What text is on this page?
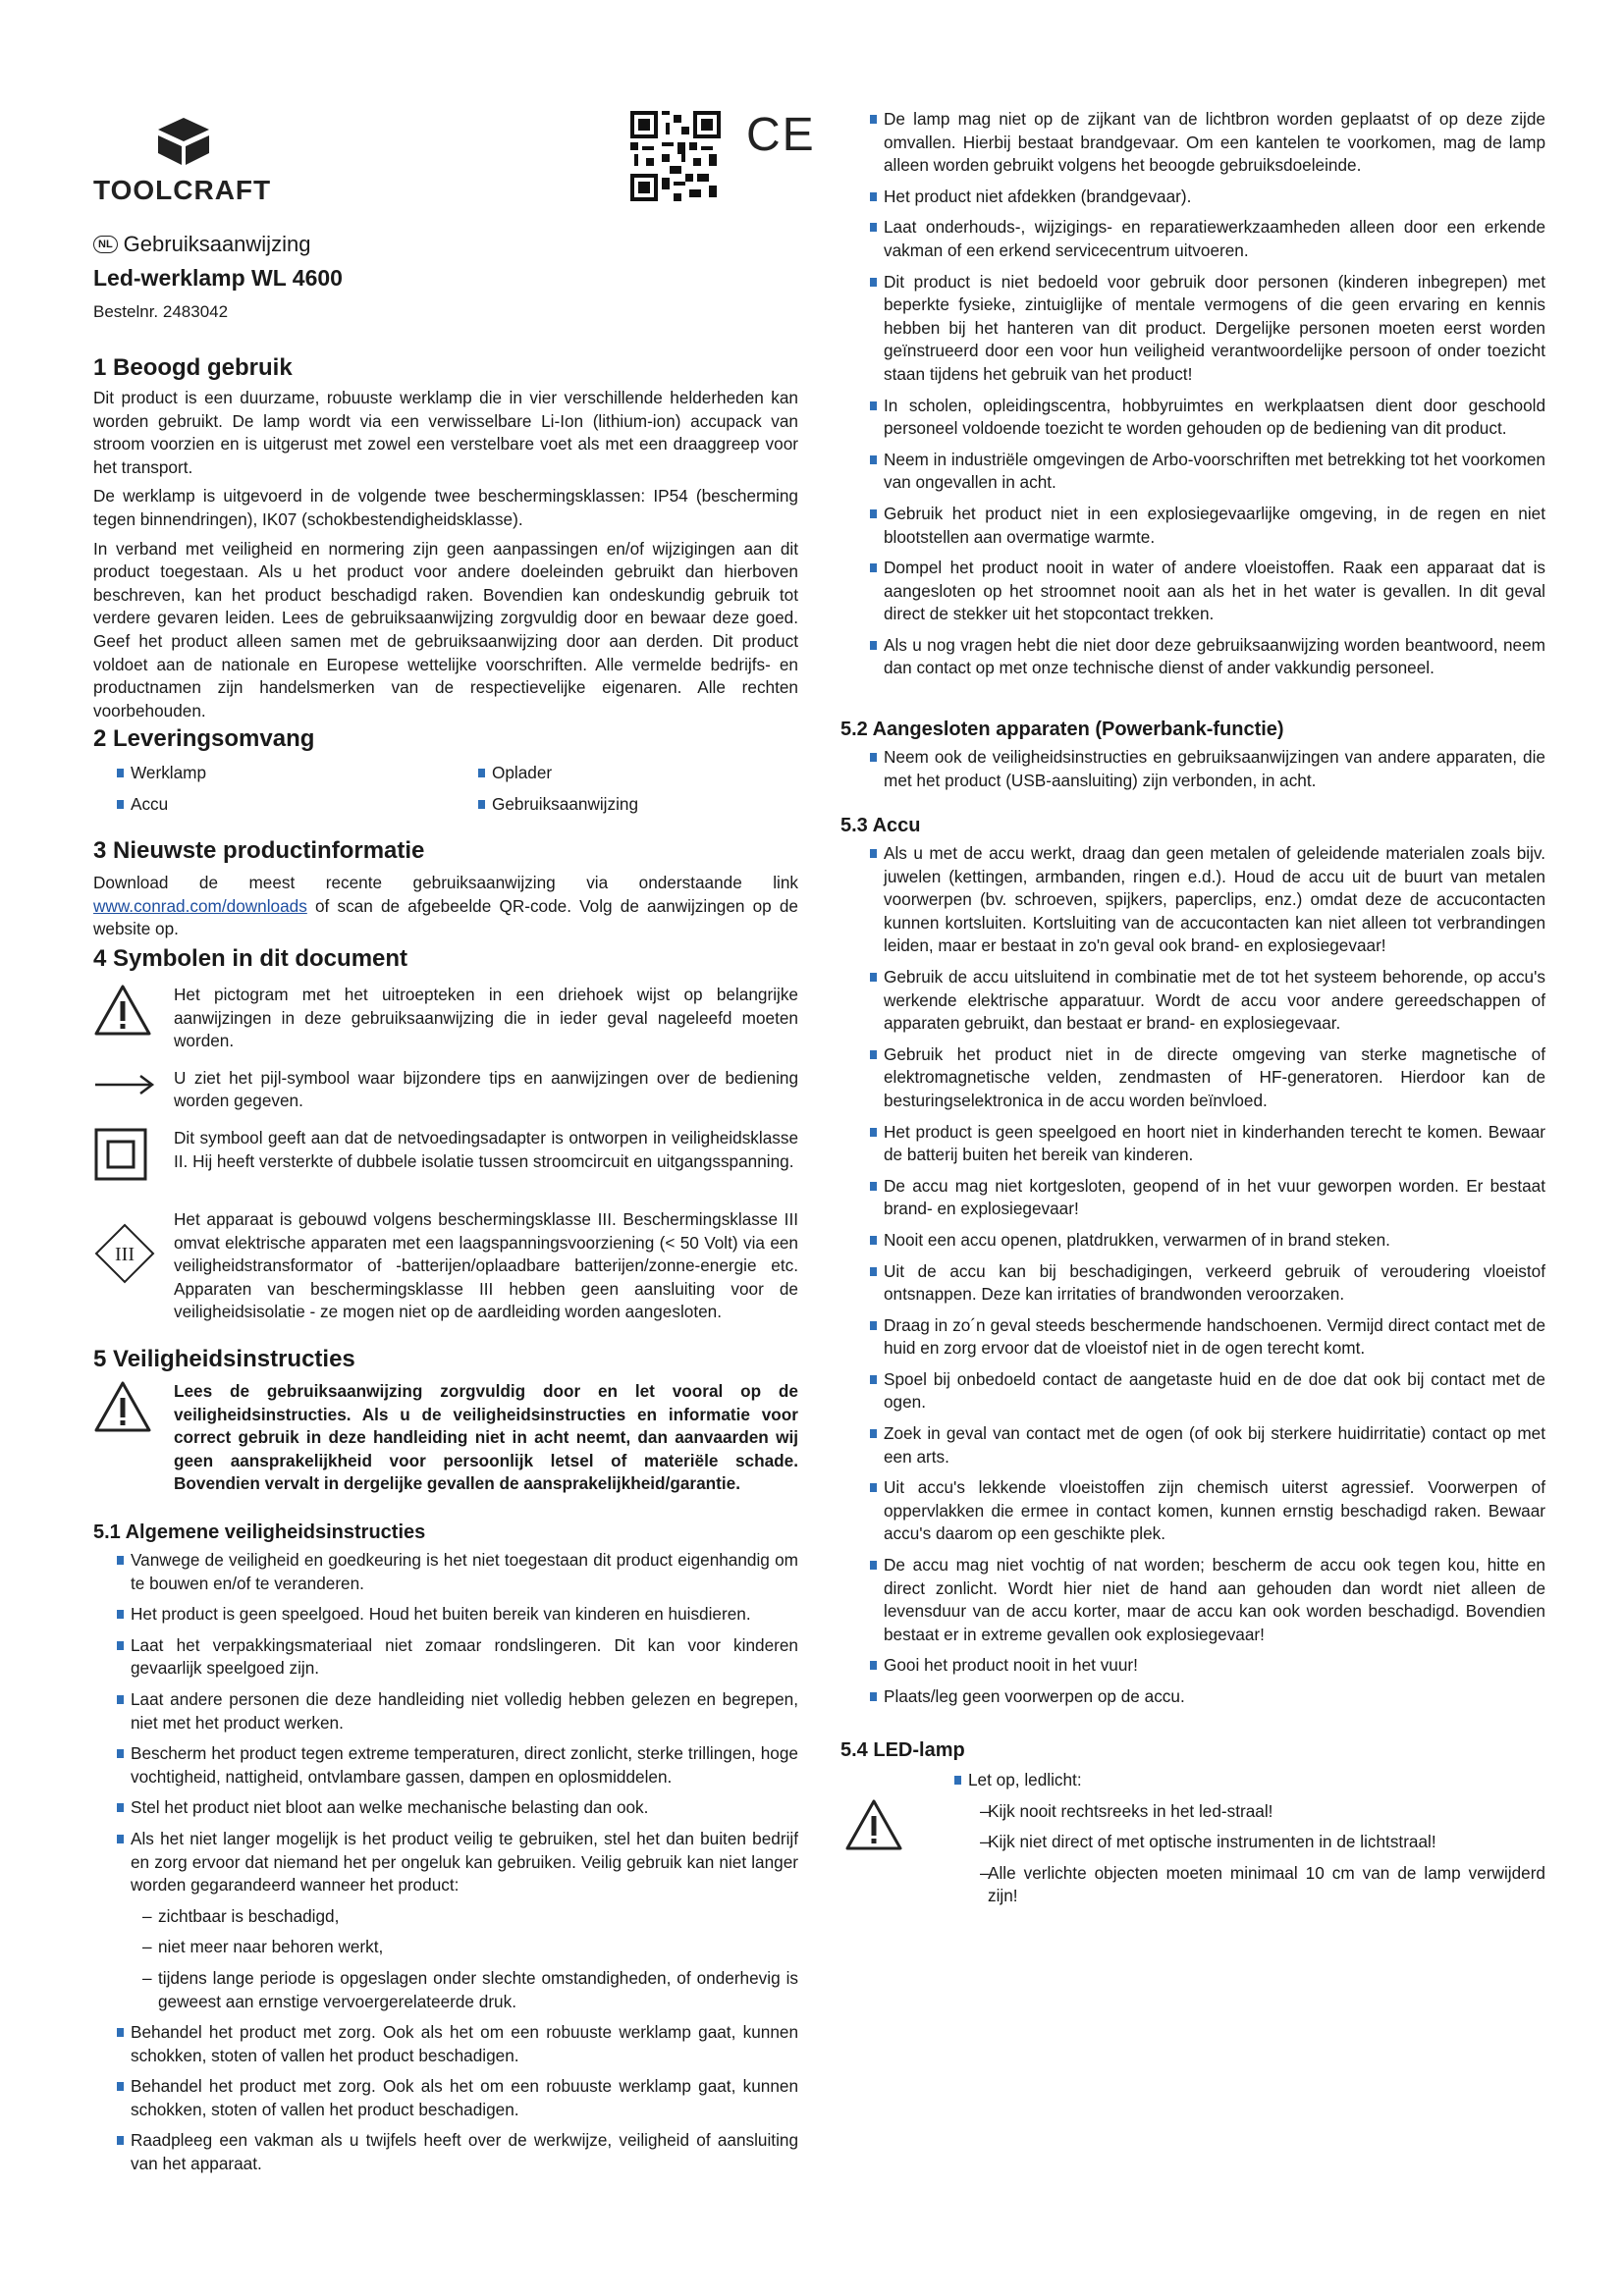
TOOLCRAFT
CE
NL Gebruiksaanwijzing
Led-werklamp WL 4600
Bestelnr. 2483042

1 Beoogd gebruik

Dit product is een duurzame, robuuste werklamp die in vier verschillende helderheden kan worden gebruikt. De lamp wordt via een verwisselbare Li-Ion (lithium-ion) accupack van stroom voorzien en is uitgerust met zowel een verstelbare voet als met een draaggreep voor het transport.

De werklamp is uitgevoerd in de volgende twee beschermingsklassen: IP54 (bescherming tegen binnendringen), IK07 (schokbestendigheidsklasse).

In verband met veiligheid en normering zijn geen aanpassingen en/of wijzigingen aan dit product toegestaan. Als u het product voor andere doeleinden gebruikt dan hierboven beschreven, kan het product beschadigd raken. Bovendien kan ondeskundig gebruik tot verdere gevaren leiden. Lees de gebruiksaanwijzing zorgvuldig door en bewaar deze goed. Geef het product alleen samen met de gebruiksaanwijzing door aan derden. Dit product voldoet aan de nationale en Europese wettelijke voorschriften. Alle vermelde bedrijfs- en productnamen zijn handelsmerken van de respectievelijke eigenaren. Alle rechten voorbehouden.

2 Leveringsomvang

Werklamp	Oplader

Accu	Gebruiksaanwijzing

3 Nieuwste productinformatie

Download de meest recente gebruiksaanwijzing via onderstaande link www.conrad.com/downloads of scan de afgebeelde QR-code. Volg de aanwijzingen op de website op.

4 Symbolen in dit document

Het pictogram met het uitroepteken in een driehoek wijst op belangrijke aanwijzingen in deze gebruiksaanwijzing die in ieder geval nageleefd moeten worden.

U ziet het pijl-symbool waar bijzondere tips en aanwijzingen over de bediening worden gegeven.

Dit symbool geeft aan dat de netvoedingsadapter is ontworpen in veiligheidsklasse II. Hij heeft versterkte of dubbele isolatie tussen stroomcircuit en uitgangsspanning.

III

Het apparaat is gebouwd volgens beschermingsklasse III. Beschermingsklasse III omvat elektrische apparaten met een laagspanningsvoorziening (< 50 Volt) via een veiligheidstransformator of -batterijen/oplaadbare batterijen/zonne-energie etc. Apparaten van beschermingsklasse III hebben geen aansluiting voor de veiligheidsisolatie - ze mogen niet op de aardleiding worden aangesloten.

5 Veiligheidsinstructies

Lees de gebruiksaanwijzing zorgvuldig door en let vooral op de veiligheidsinstructies. Als u de veiligheidsinstructies en informatie voor correct gebruik in deze handleiding niet in acht neemt, dan aanvaarden wij geen aansprakelijkheid voor persoonlijk letsel of materiële schade. Bovendien vervalt in dergelijke gevallen de aansprakelijkheid/garantie.

5.1 Algemene veiligheidsinstructies

Vanwege de veiligheid en goedkeuring is het niet toegestaan dit product eigenhandig om te bouwen en/of te veranderen.

Het product is geen speelgoed. Houd het buiten bereik van kinderen en huisdieren.

Laat het verpakkingsmateriaal niet zomaar rondslingeren. Dit kan voor kinderen gevaarlijk speelgoed zijn.

Laat andere personen die deze handleiding niet volledig hebben gelezen en begrepen, niet met het product werken.

Bescherm het product tegen extreme temperaturen, direct zonlicht, sterke trillingen, hoge vochtigheid, nattigheid, ontvlambare gassen, dampen en oplosmiddelen.

Stel het product niet bloot aan welke mechanische belasting dan ook.

Als het niet langer mogelijk is het product veilig te gebruiken, stel het dan buiten bedrijf en zorg ervoor dat niemand het per ongeluk kan gebruiken. Veilig gebruik kan niet langer worden gegarandeerd wanneer het product:

– zichtbaar is beschadigd,

– niet meer naar behoren werkt,

– tijdens lange periode is opgeslagen onder slechte omstandigheden, of onderhevig is geweest aan ernstige vervoergerelateerde druk.

Behandel het product met zorg. Ook als het om een robuuste werklamp gaat, kunnen schokken, stoten of vallen het product beschadigen.

Behandel het product met zorg. Ook als het om een robuuste werklamp gaat, kunnen schokken, stoten of vallen het product beschadigen.

Raadpleeg een vakman als u twijfels heeft over de werkwijze, veiligheid of aansluiting van het apparaat.

De lamp mag niet op de zijkant van de lichtbron worden geplaatst of op deze zijde omvallen. Hierbij bestaat brandgevaar. Om een kantelen te voorkomen, mag de lamp alleen worden gebruikt volgens het beoogde gebruiksdoeleinde.

Het product niet afdekken (brandgevaar).

Laat onderhouds-, wijzigings- en reparatiewerkzaamheden alleen door een erkende vakman of een erkend servicecentrum uitvoeren.

Dit product is niet bedoeld voor gebruik door personen (kinderen inbegrepen) met beperkte fysieke, zintuiglijke of mentale vermogens of die geen ervaring en kennis hebben bij het hanteren van dit product. Dergelijke personen moeten eerst worden geïnstrueerd door een voor hun veiligheid verantwoordelijke persoon of onder toezicht staan tijdens het gebruik van het product!

In scholen, opleidingscentra, hobbyruimtes en werkplaatsen dient door geschoold personeel voldoende toezicht te worden gehouden op de bediening van dit product.

Neem in industriële omgevingen de Arbo-voorschriften met betrekking tot het voorkomen van ongevallen in acht.

Gebruik het product niet in een explosiegevaarlijke omgeving, in de regen en niet blootstellen aan overmatige warmte.

Dompel het product nooit in water of andere vloeistoffen. Raak een apparaat dat is aangesloten op het stroomnet nooit aan als het in het water is gevallen. In dit geval direct de stekker uit het stopcontact trekken.

Als u nog vragen hebt die niet door deze gebruiksaanwijzing worden beantwoord, neem dan contact op met onze technische dienst of ander vakkundig personeel.

5.2 Aangesloten apparaten (Powerbank-functie)

Neem ook de veiligheidsinstructies en gebruiksaanwijzingen van andere apparaten, die met het product (USB-aansluiting) zijn verbonden, in acht.

5.3 Accu

Als u met de accu werkt, draag dan geen metalen of geleidende materialen zoals bijv. juwelen (kettingen, armbanden, ringen e.d.). Houd de accu uit de buurt van metalen voorwerpen (bv. schroeven, spijkers, paperclips, enz.) omdat deze de accucontacten kunnen kortsluiten. Kortsluiting van de accucontacten kan niet alleen tot verbrandingen leiden, maar er bestaat in zo'n geval ook brand- en explosiegevaar!

Gebruik de accu uitsluitend in combinatie met de tot het systeem behorende, op accu's werkende elektrische apparatuur. Wordt de accu voor andere gereedschappen of apparaten gebruikt, dan bestaat er brand- en explosiegevaar.

Gebruik het product niet in de directe omgeving van sterke magnetische of elektromagnetische velden, zendmasten of HF-generatoren. Hierdoor kan de besturingselektronica in de accu worden beïnvloed.

Het product is geen speelgoed en hoort niet in kinderhanden terecht te komen. Bewaar de batterij buiten het bereik van kinderen.

De accu mag niet kortgesloten, geopend of in het vuur geworpen worden. Er bestaat brand- en explosiegevaar!

Nooit een accu openen, platdrukken, verwarmen of in brand steken.

Uit de accu kan bij beschadigingen, verkeerd gebruik of veroudering vloeistof ontsnappen. Deze kan irritaties of brandwonden veroorzaken.

Draag in zo´n geval steeds beschermende handschoenen. Vermijd direct contact met de huid en zorg ervoor dat de vloeistof niet in de ogen terecht komt.

Spoel bij onbedoeld contact de aangetaste huid en de doe dat ook bij contact met de ogen.

Zoek in geval van contact met de ogen (of ook bij sterkere huidirritatie) contact op met een arts.

Uit accu's lekkende vloeistoffen zijn chemisch uiterst agressief. Voorwerpen of oppervlakken die ermee in contact komen, kunnen ernstig beschadigd raken. Bewaar accu's daarom op een geschikte plek.

De accu mag niet vochtig of nat worden; bescherm de accu ook tegen kou, hitte en direct zonlicht. Wordt hier niet de hand aan gehouden dan wordt niet alleen de levensduur van de accu korter, maar de accu kan ook worden beschadigd. Bovendien bestaat er in extreme gevallen ook explosiegevaar!

Gooi het product nooit in het vuur!

Plaats/leg geen voorwerpen op de accu.

5.4 LED-lamp

Let op, ledlicht:

– Kijk nooit rechtsreeks in het led-straal!

– Kijk niet direct of met optische instrumenten in de lichtstraal!

– Alle verlichte objecten moeten minimaal 10 cm van de lamp verwijderd zijn!
